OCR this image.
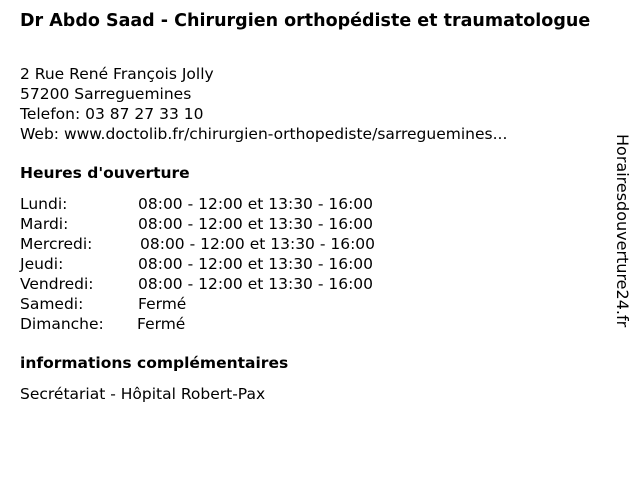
Dr Abdo Saad - Chirurgien orthopédiste et traumatologue
2 Rue René François Jolly
57200 Sarreguemines
Telefon: 03 87 27 33 10
Web: www.doctolib.fr/chirurgien-orthopediste/sarreguemines...
Heures d'ouverture
Lundi:	08:00 - 12:00 et 13:30 - 16:00
Mardi:	08:00 - 12:00 et 13:30 - 16:00
Mercredi:	08:00 - 12:00 et 13:30 - 16:00
Jeudi:	08:00 - 12:00 et 13:30 - 16:00
Vendredi:	08:00 - 12:00 et 13:30 - 16:00
Samedi:	Fermé
Dimanche: Fermé
informations complémentaires
Secrétariat - Hôpital Robert-Pax
Horairesdouverture24.fr
